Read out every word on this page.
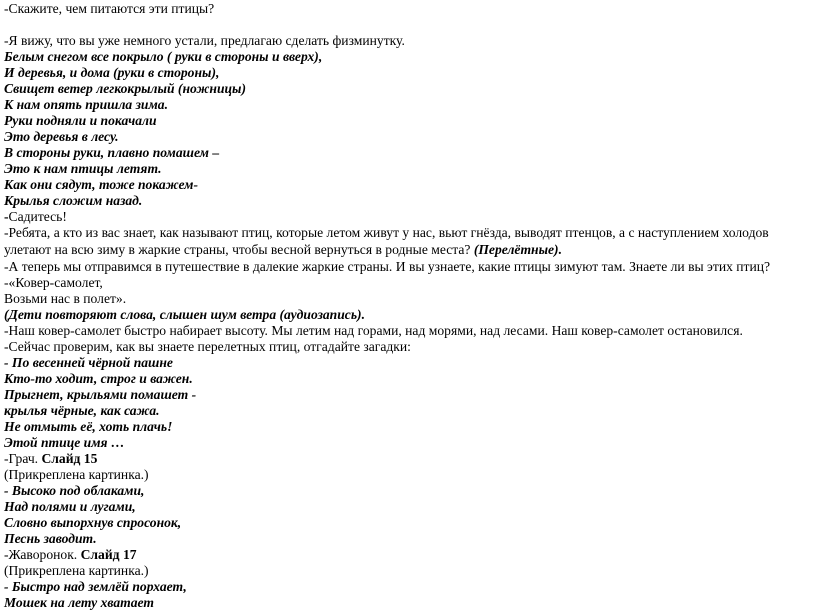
-Скажите, чем питаются эти птицы?
-Я вижу, что вы уже немного устали, предлагаю сделать физминутку.
Белым снегом все покрыло ( руки в стороны и вверх),
И деревья, и дома (руки в стороны),
Свищет ветер легкокрылый (ножницы)
К нам опять пришла зима.
Руки подняли и покачали
Это деревья в лесу.
В стороны руки, плавно помашем –
Это к нам птицы летят.
Как они сядут, тоже покажем-
Крылья сложим назад.
-Садитесь!
-Ребята, а кто из вас знает, как называют птиц, которые летом живут у нас, вьют гнёзда, выводят птенцов, а с наступлением холодов улетают на всю зиму в жаркие страны, чтобы весной вернуться в родные места? (Перелётные).
-А теперь мы отправимся в путешествие в далекие жаркие страны. И вы узнаете, какие птицы зимуют там. Знаете ли вы этих птиц?
-«Ковер-самолет,
Возьми нас в полет».
(Дети повторяют слова, слышен шум ветра (аудиозапись).
-Наш ковер-самолет быстро набирает высоту. Мы летим над горами, над морями, над лесами. Наш ковер-самолет остановился.
-Сейчас проверим, как вы знаете перелетных птиц, отгадайте загадки:
- По весенней чёрной пашне
Кто-то ходит, строг и важен.
Прыгнет, крыльями помашет -
крылья чёрные, как сажа.
Не отмыть её, хоть плачь!
Этой птице имя …
-Грач. Слайд 15
(Прикреплена картинка.)
- Высоко под облаками,
Над полями и лугами,
Словно выпорхнув спросонок,
Песнь заводит.
-Жаворонок. Слайд 17
(Прикреплена картинка.)
- Быстро над землёй порхает,
Мошек на лету хватает
